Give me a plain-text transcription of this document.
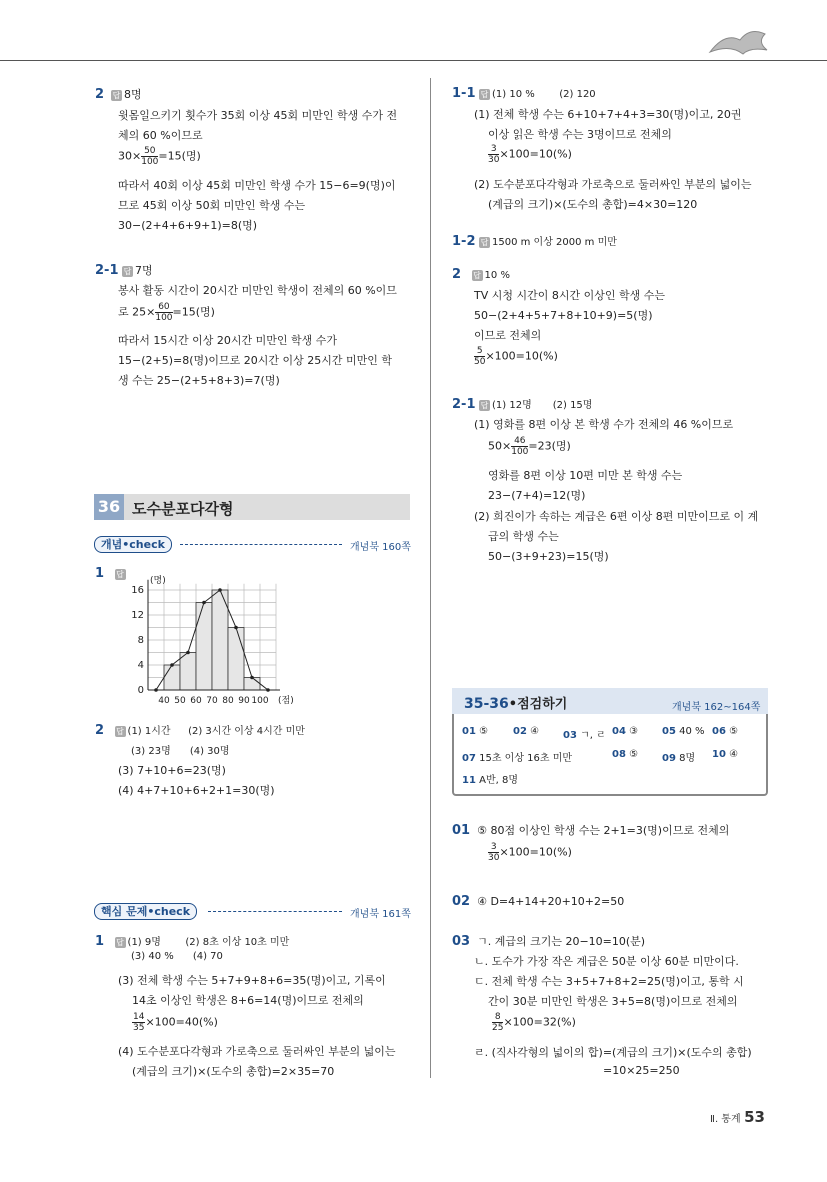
2 답 8명
윗몸일으키기 횟수가 35회 이상 45회 미만인 학생 수가 전
체의 60 %이므로
$30\times \frac{50}{100} =15$(명)
따라서 40회 이상 45회 미만인 학생 수가 15−6=9(명)이
므로 45회 이상 50회 미만인 학생 수는
30−(2+4+6+9+1)=8(명)
2-1 답 7명
봉사 활동 시간이 20시간 미만인 학생이 전체의 60 %이므
로 $25\times \frac{60}{100} =15$(명)
따라서 15시간 이상 20시간 미만인 학생 수가
15−(2+5)=8(명)이므로 20시간 이상 25시간 미만인 학
생 수는 25−(2+5+8+3)=7(명)
36 도수분포다각형
개념•check	개념북 160쪽
1 답
0
4
8
12
16
(명)
40 50 60 70 80 90 100 (점)
2 답 (1) 1시간 (2) 3시간 이상 4시간 미만
(3) 23명 (4) 30명
(3) 7+10+6=23(명)
(4) 4+7+10+6+2+1=30(명)
핵심 문제•check	개념북 161쪽
1 답 (1) 9명 (2) 8초 이상 10초 미만
(3) 40 % (4) 70
(3) 전체 학생 수는 5+7+9+8+6=35(명)이고, 기록이
14초 이상인 학생은 8+6=14(명)이므로 전체의
$\frac{14}{35} \times 100=40(\%)$
(4) 도수분포다각형과 가로축으로 둘러싸인 부분의 넓이는
(계급의 크기)×(도수의 총합)=2×35=70
1-1 답 (1) 10 % (2) 120
(1) 전체 학생 수는 6+10+7+4+3=30(명)이고, 20권
이상 읽은 학생 수는 3명이므로 전체의
$\frac{3}{30} \times 100=10(\%)$
(2) 도수분포다각형과 가로축으로 둘러싸인 부분의 넓이는
(계급의 크기)×(도수의 총합)=4×30=120
1-2 답 1500 m 이상 2000 m 미만
2 답 10 %
TV 시청 시간이 8시간 이상인 학생 수는
50−(2+4+5+7+8+10+9)=5(명)
이므로 전체의
$\frac{5}{50} \times 100=10(\%)$
2-1 답 (1) 12명 (2) 15명
(1) 영화를 8편 이상 본 학생 수가 전체의 46 %이므로
$50\times \frac{46}{100} =23$(명)
영화를 8편 이상 10편 미만 본 학생 수는
23−(7+4)=12(명)
(2) 희진이가 속하는 계급은 6편 이상 8편 미만이므로 이 계
급의 학생 수는
50−(3+9+23)=15(명)
35-36•점검하기	개념북 162~164쪽
01 ⑤ 02 ④ 03 ㄱ, ㄹ 04 ③ 05 40 % 06 ⑤
07 15초 이상 16초 미만	08 ⑤ 09 8명 10 ④
11 A반, 8명
01 ⑤ 80점 이상인 학생 수는 2+1=3(명)이므로 전체의
$\frac{3}{30} \times 100=10(\%)$
02 ④ D=4+14+20+10+2=50
03 ㄱ. 계급의 크기는 20−10=10(분)
ㄴ. 도수가 가장 작은 계급은 50분 이상 60분 미만이다.
ㄷ. 전체 학생 수는 3+5+7+8+2=25(명)이고, 통학 시
간이 30분 미만인 학생은 3+5=8(명)이므로 전체의
$\frac{8}{25} \times 100=32(\%)$
ㄹ. (직사각형의 넓이의 합)=(계급의 크기)×(도수의 총합)
=10×25=250
Ⅱ. 통계 53
